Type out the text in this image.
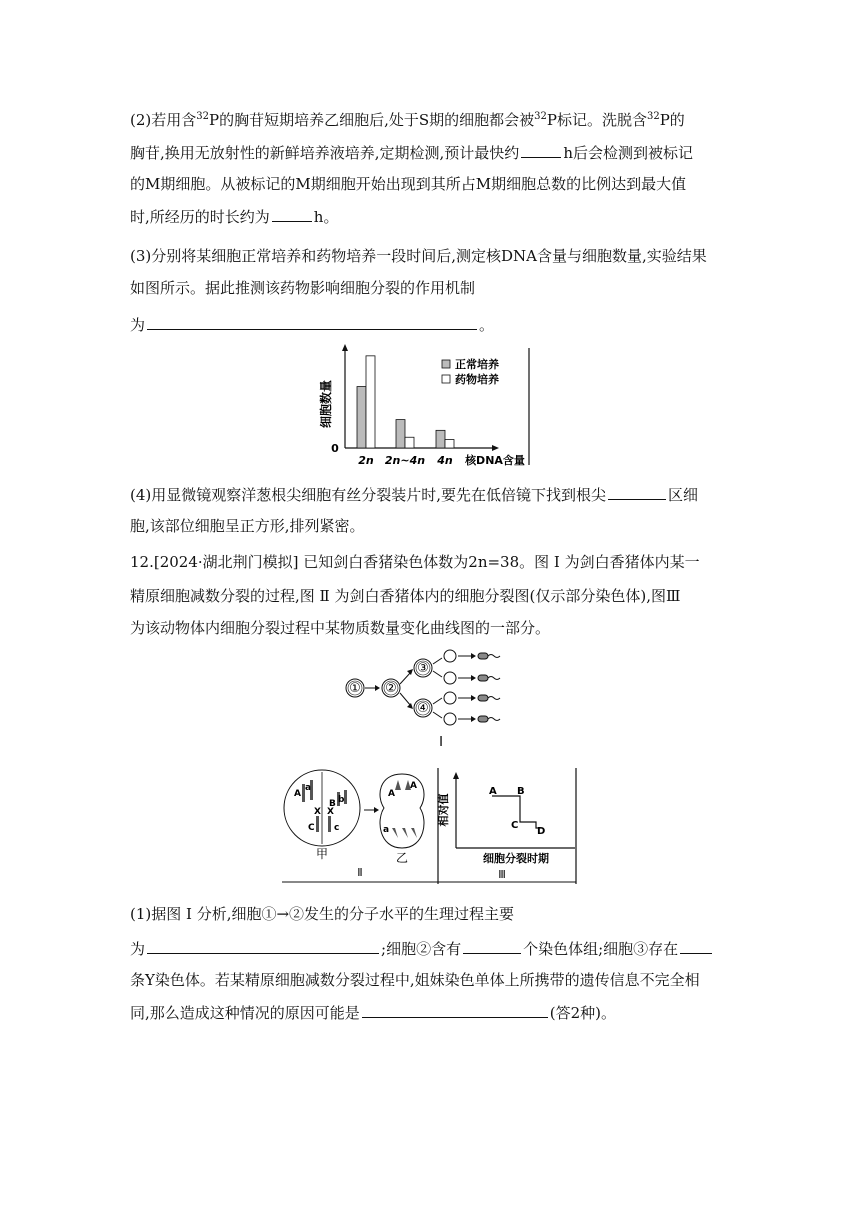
(2)若用含$^{32}$P的胸苷短期培养乙细胞后,处于S期的细胞都会被$^{32}$P标记。洗脱含$^{32}$P的
胸苷,换用无放射性的新鲜培养液培养,定期检测,预计最快约	h后会检测到被标记
的M期细胞。从被标记的M期细胞开始出现到其所占M期细胞总数的比例达到最大值
时,所经历的时长约为	h。
(3)分别将某细胞正常培养和药物培养一段时间后,测定核DNA含量与细胞数量,实验结果
如图所示。据此推测该药物影响细胞分裂的作用机制
为	。
细胞数量
0
核DNA含量
2n 2n~4n 4n
正常培养
药物培养
(4)用显微镜观察洋葱根尖细胞有丝分裂装片时,要先在低倍镜下找到根尖	区细
胞,该部位细胞呈正方形,排列紧密。
12.[2024·湖北荆门模拟] 已知剑白香猪染色体数为2n=38。图 Ⅰ 为剑白香猪体内某一
精原细胞减数分裂的过程,图 Ⅱ 为剑白香猪体内的细胞分裂图(仅示部分染色体),图Ⅲ
为该动物体内细胞分裂过程中某物质数量变化曲线图的一部分。
① ②
③
④
Ⅰ
A
a
B b
X X
C c
甲
A
A
a
乙
Ⅱ
相对值
A B
C
D
细胞分裂时期
Ⅲ
(1)据图 Ⅰ 分析,细胞①→②发生的分子水平的生理过程主要
为	;细胞②含有	个染色体组;细胞③存在
条Y染色体。若某精原细胞减数分裂过程中,姐妹染色单体上所携带的遗传信息不完全相
同,那么造成这种情况的原因可能是	(答2种)。
